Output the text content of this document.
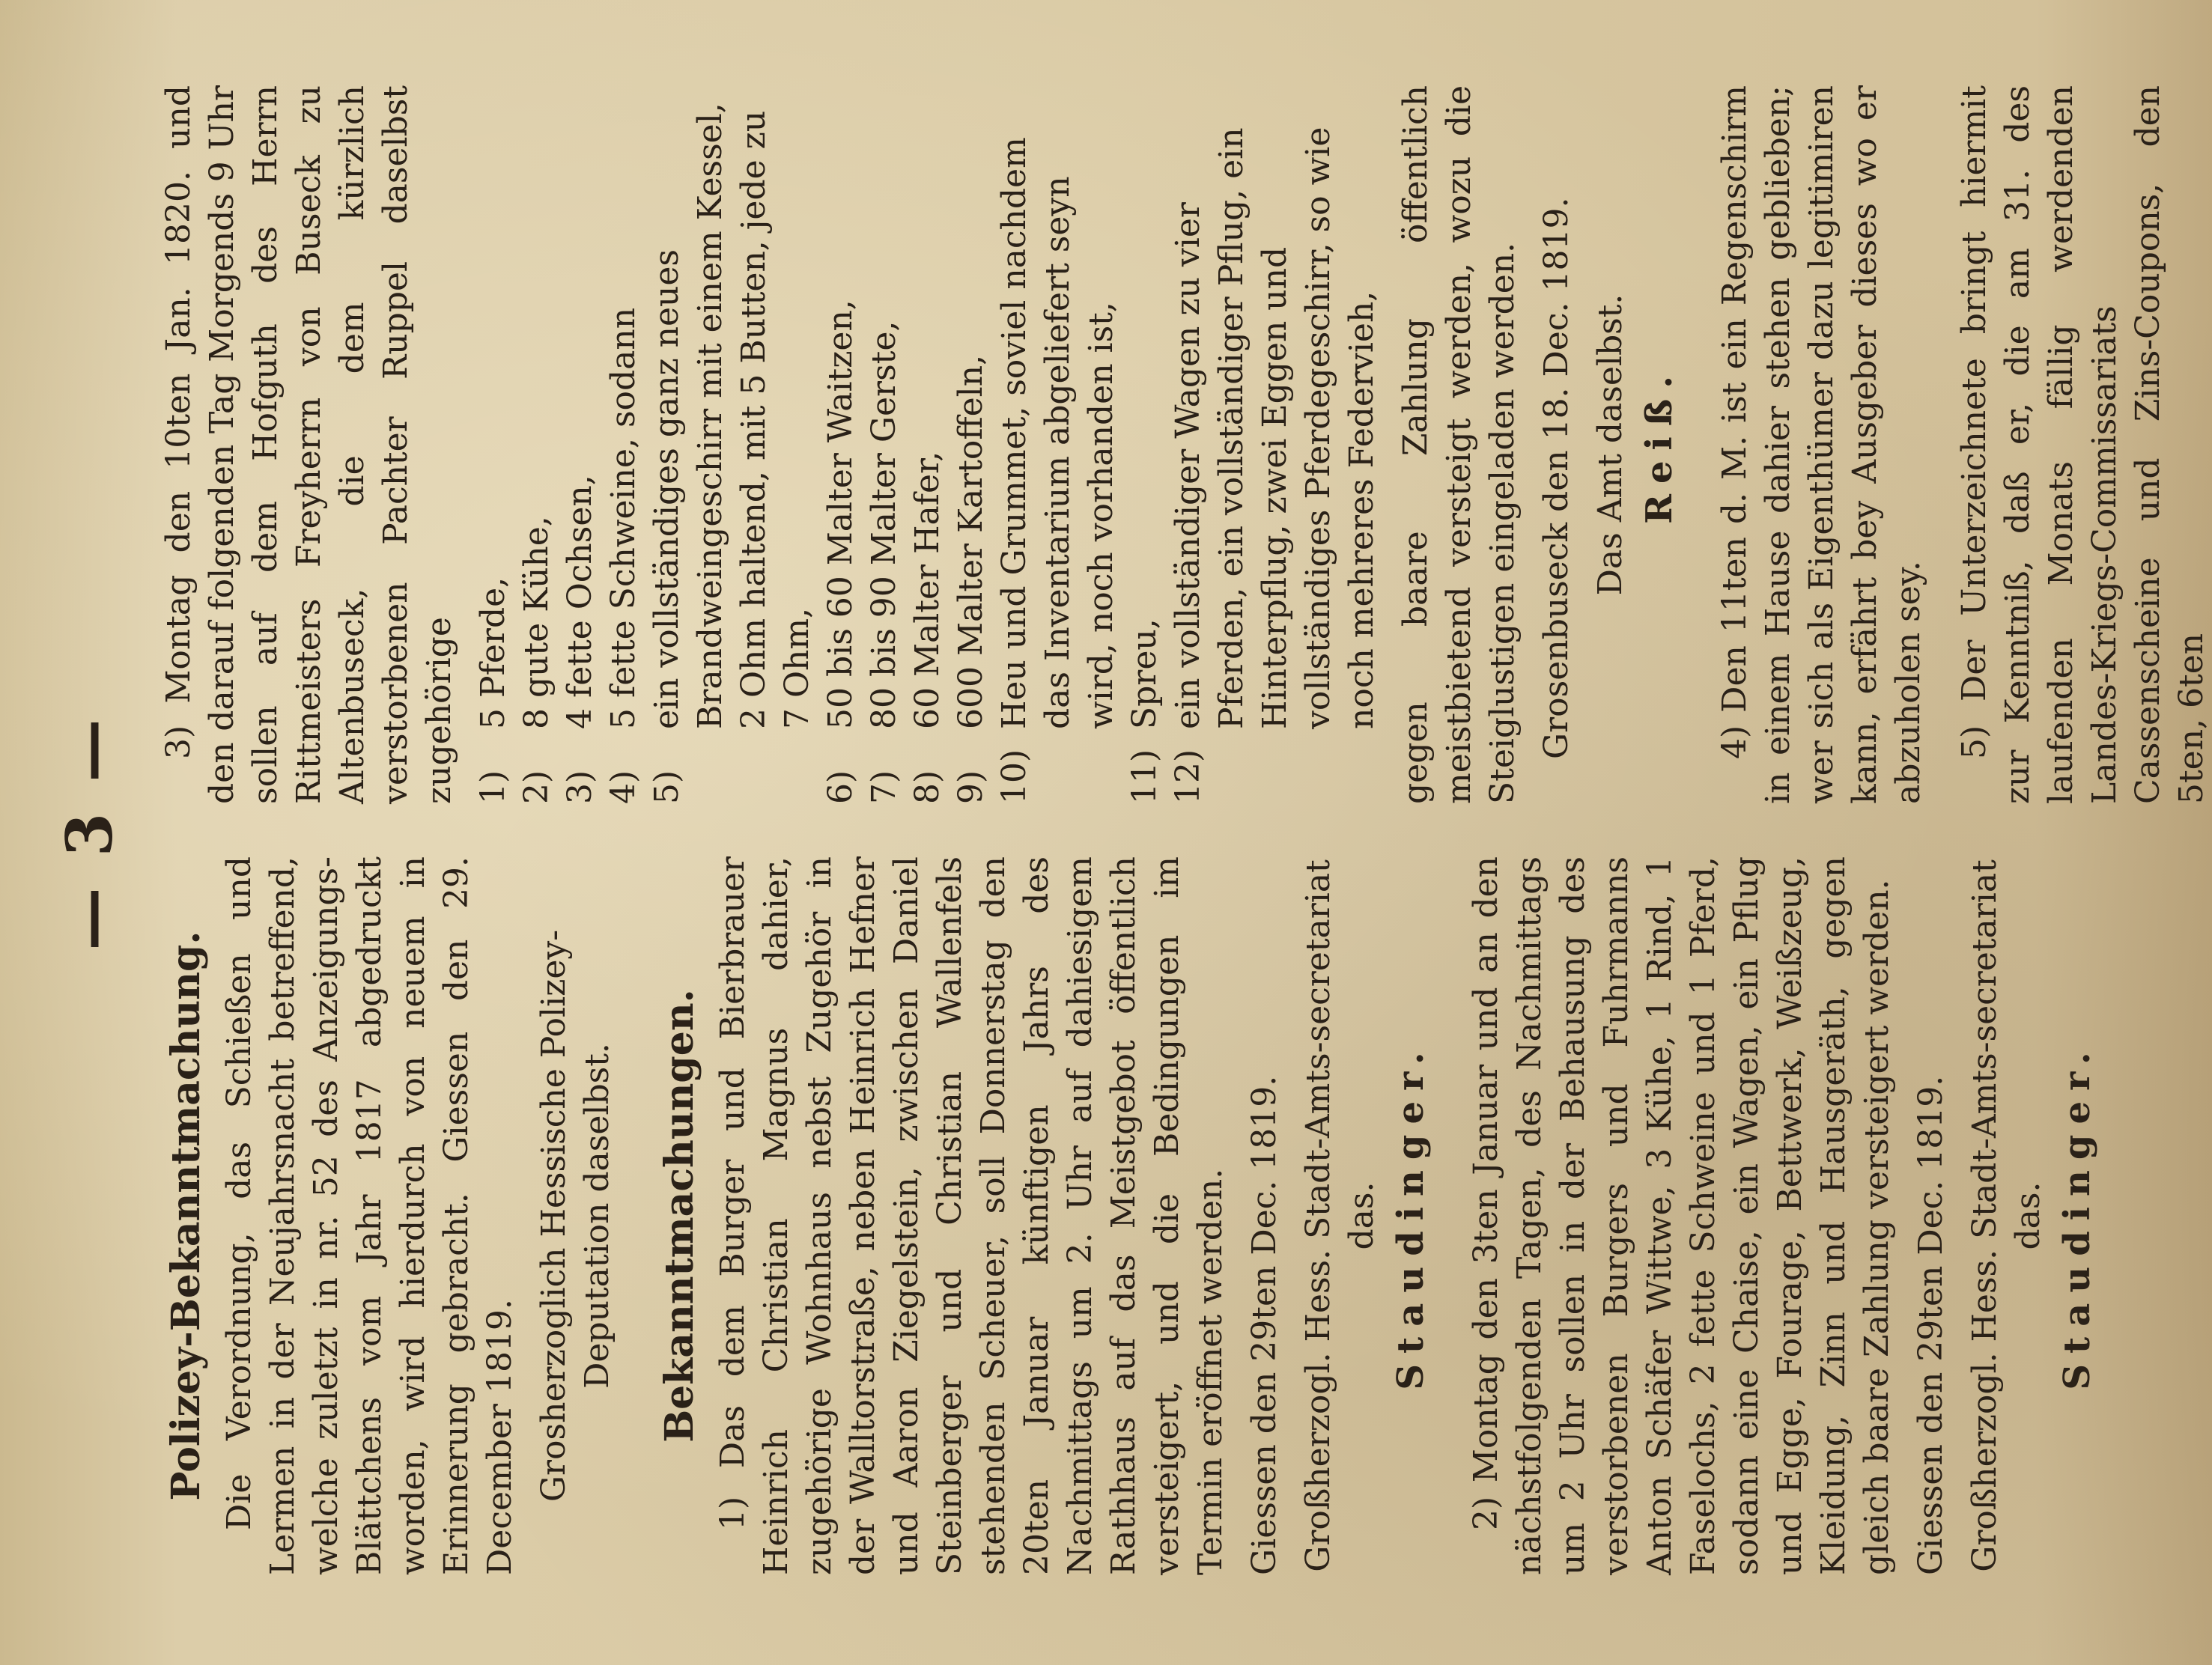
— 3 —
Polizey-Bekanntmachung. Die Verordnung, das Schießen und Lermen in der Neujahrsnacht betreffend, welche zuletzt in nr. 52 des Anzeigungs-Blättchens vom Jahr 1817 abgedruckt worden, wird hierdurch von neuem in Erinnerung gebracht. Giessen den 29. December 1819. Grosherzoglich Hessische Polizey-Deputation daselbst. Bekanntmachungen. 1) Das dem Burger und Bierbrauer Heinrich Christian Magnus dahier, zugehörige Wohnhaus nebst Zugehör in der Walltorstraße, neben Heinrich Hefner und Aaron Ziegelstein, zwischen Daniel Steinberger und Christian Wallenfels stehenden Scheuer, soll Donnerstag den 20ten Januar künftigen Jahrs des Nachmittags um 2. Uhr auf dahiesigem Rathhaus auf das Meistgebot öffentlich versteigert, und die Bedingungen im Termin eröffnet werden. Giessen den 29ten Dec. 1819. Großherzogl. Hess. Stadt-Amts-secretariat das. Staudinger. 2) Montag den 3ten Januar und an den nächstfolgenden Tagen, des Nachmittags um 2 Uhr sollen in der Behausung des verstorbenen Burgers und Fuhrmanns Anton Schäfer Wittwe, 3 Kühe, 1 Rind, 1 Faselochs, 2 fette Schweine und 1 Pferd, sodann eine Chaise, ein Wagen, ein Pflug und Egge, Fourage, Bettwerk, Weißzeug, Kleidung, Zinn und Hausgeräth, gegen gleich baare Zahlung versteigert werden. Giessen den 29ten Dec. 1819. Großherzogl. Hess. Stadt-Amts-secretariat das. Staudinger.

3) Montag den 10ten Jan. 1820. und den darauf folgenden Tag Morgends 9 Uhr sollen auf dem Hofguth des Herrn Rittmeisters Freyherrn von Buseck zu Altenbuseck, die dem kürzlich verstorbenen Pachter Ruppel daselbst zugehörige 1)5 Pferde,
2)8 gute Kühe,
3)4 fette Ochsen,
4)5 fette Schweine, sodann
5)ein vollständiges ganz neues Brandweingeschirr mit einem Kessel, 2 Ohm haltend, mit 5 Butten, jede zu 7 Ohm,
6)50 bis 60 Malter Waitzen,
7)80 bis 90 Malter Gerste,
8)60 Malter Hafer,
9)600 Malter Kartoffeln,
10)Heu und Grummet, soviel nachdem das Inventarium abgeliefert seyn wird, noch vorhanden ist,
11)Spreu,
12)ein vollständiger Wagen zu vier Pferden, ein vollständiger Pflug, ein Hinterpflug, zwei Eggen und vollständiges Pferdegeschirr, so wie noch mehreres Federvieh, gegen baare Zahlung öffentlich meistbietend versteigt werden, wozu die Steiglustigen eingeladen werden. Grosenbuseck den 18. Dec. 1819. Das Amt daselbst. Reiß. 4) Den 11ten d. M. ist ein Regenschirm in einem Hause dahier stehen geblieben; wer sich als Eigenthümer dazu legitimiren kann, erfährt bey Ausgeber dieses wo er abzuholen sey. 5) Der Unterzeichnete bringt hiermit zur Kenntniß, daß er, die am 31. des laufenden Monats fällig werdenden Landes-Kriegs-Commissariats Cassenscheine und Zins-Coupons, den 5ten, 6ten
